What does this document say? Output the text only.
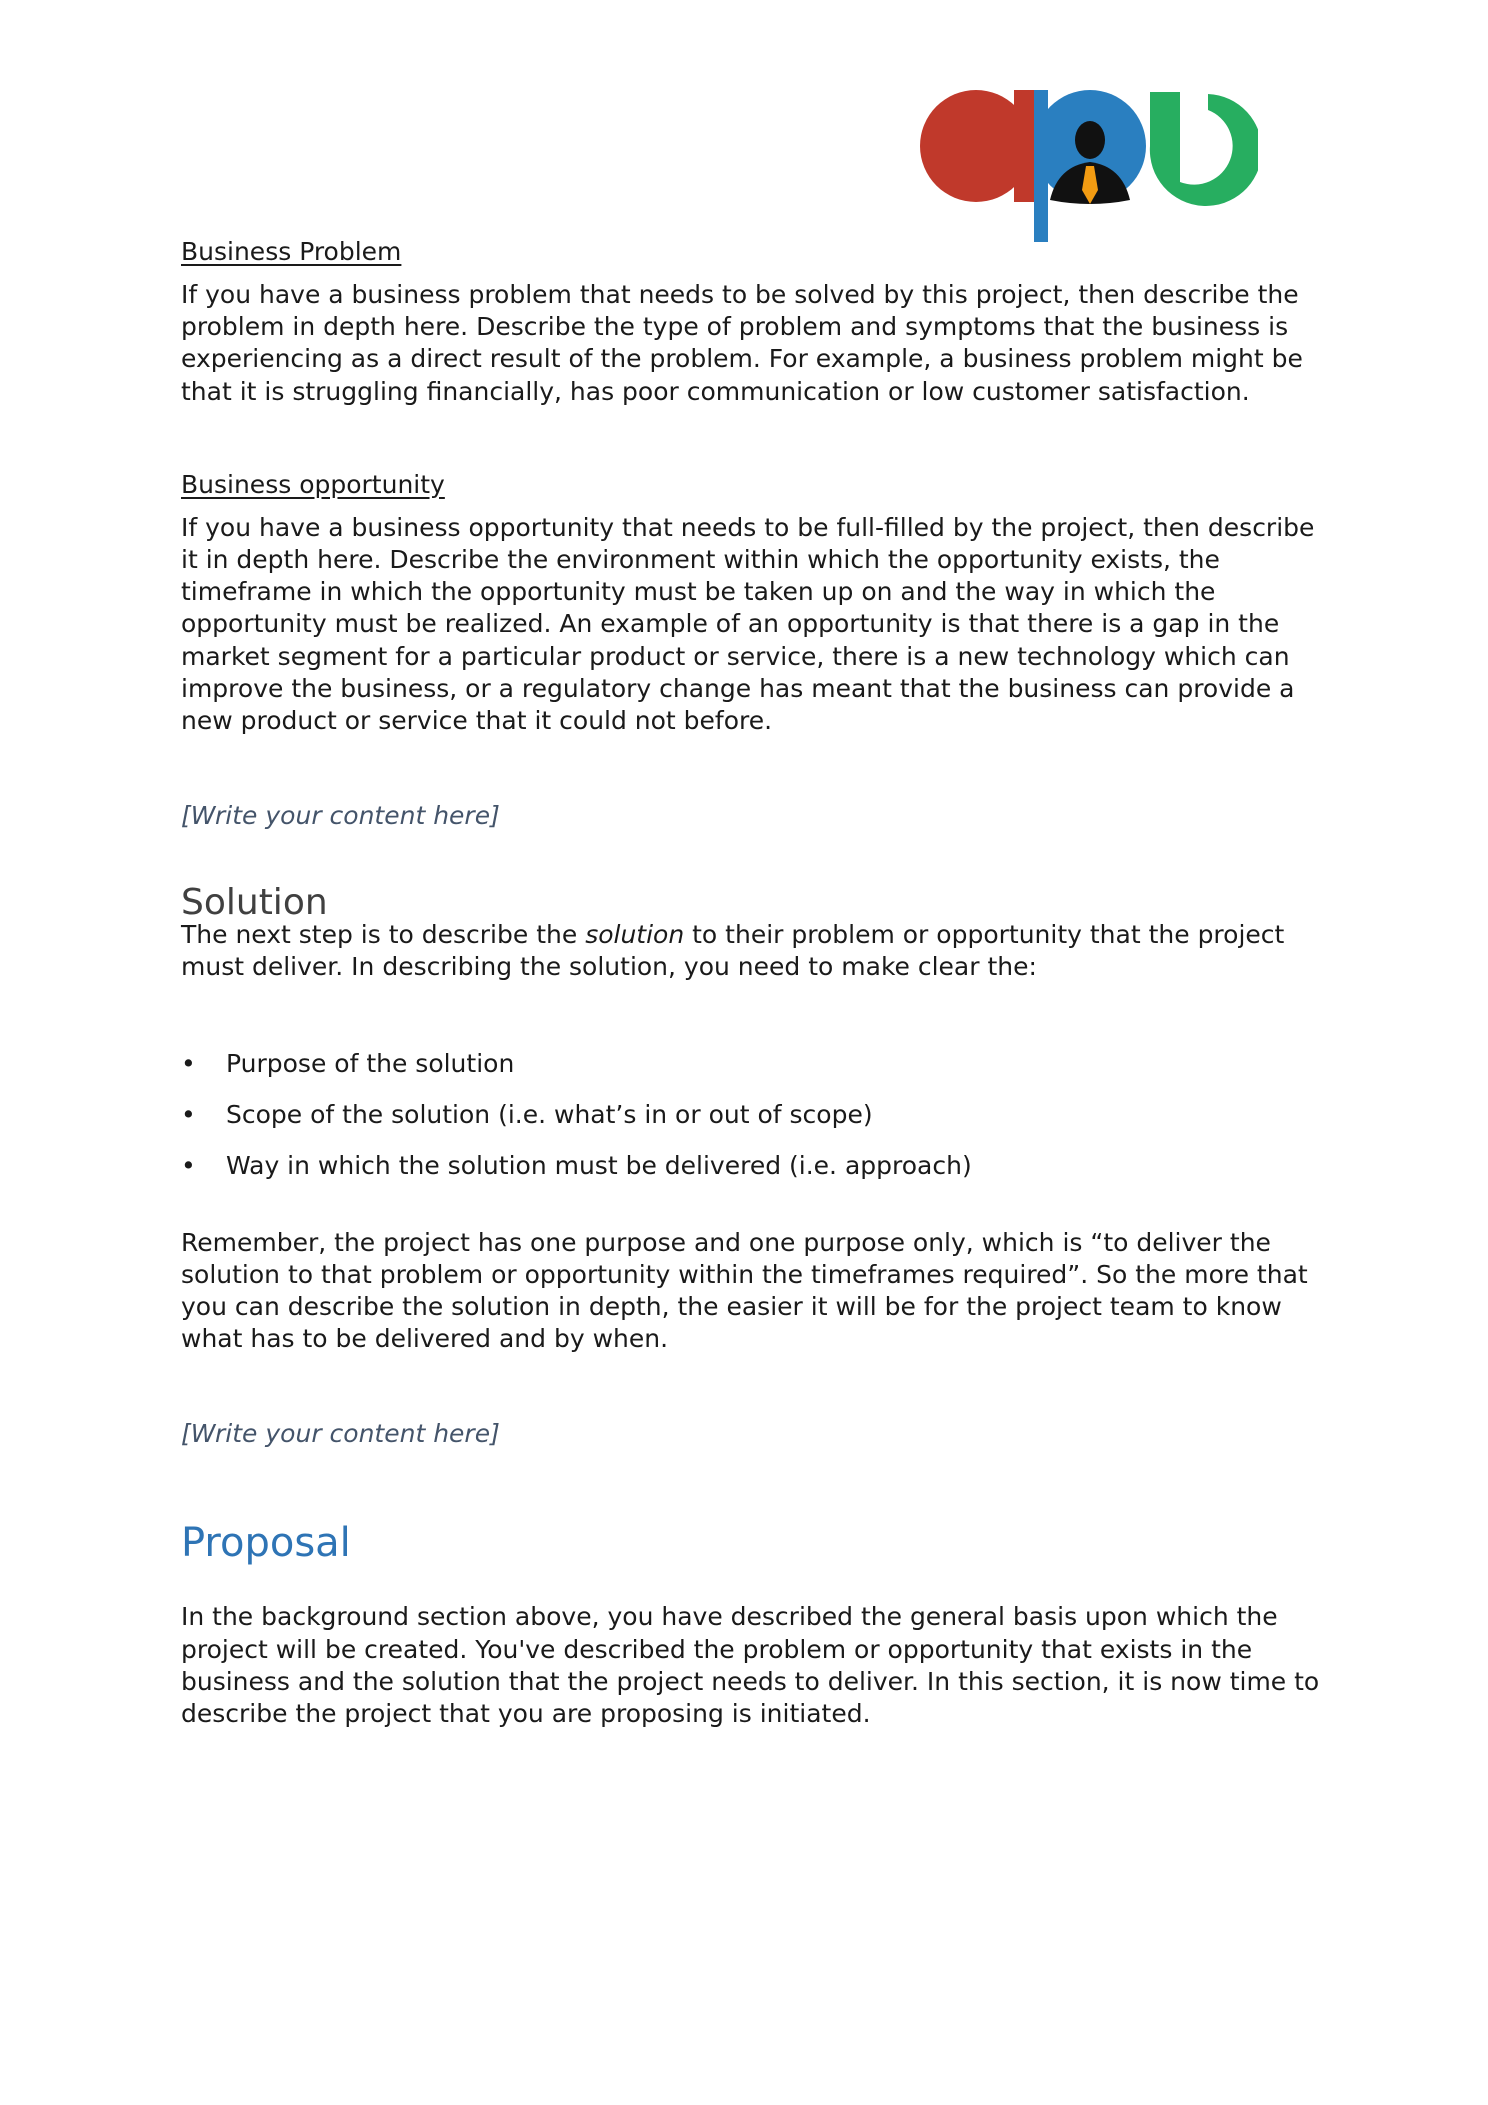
Business Problem

If you have a business problem that needs to be solved by this project, then describe the problem in depth here. Describe the type of problem and symptoms that the business is experiencing as a direct result of the problem. For example, a business problem might be that it is struggling financially, has poor communication or low customer satisfaction.

Business opportunity

If you have a business opportunity that needs to be full-filled by the project, then describe it in depth here. Describe the environment within which the opportunity exists, the timeframe in which the opportunity must be taken up on and the way in which the opportunity must be realized. An example of an opportunity is that there is a gap in the market segment for a particular product or service, there is a new technology which can improve the business, or a regulatory change has meant that the business can provide a new product or service that it could not before.

[Write your content here]

Solution

The next step is to describe the solution to their problem or opportunity that the project must deliver. In describing the solution, you need to make clear the:

• Purpose of the solution
• Scope of the solution (i.e. what’s in or out of scope)
• Way in which the solution must be delivered (i.e. approach)

Remember, the project has one purpose and one purpose only, which is “to deliver the solution to that problem or opportunity within the timeframes required”. So the more that you can describe the solution in depth, the easier it will be for the project team to know what has to be delivered and by when.

[Write your content here]

Proposal

In the background section above, you have described the general basis upon which the project will be created. You've described the problem or opportunity that exists in the business and the solution that the project needs to deliver. In this section, it is now time to describe the project that you are proposing is initiated.
